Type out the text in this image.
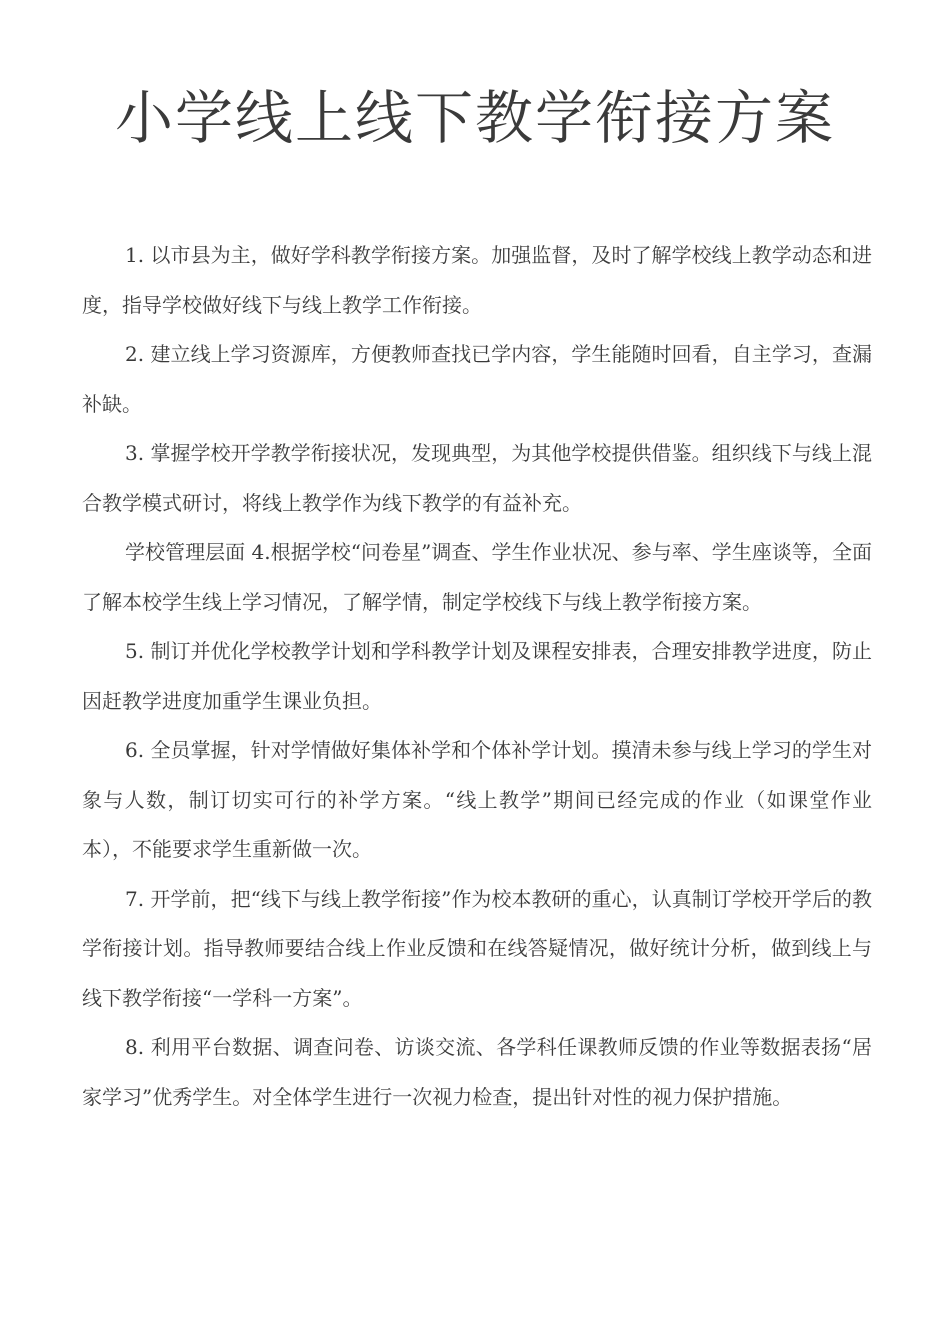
小学线上线下教学衔接方案

1. 以市县为主，做好学科教学衔接方案。加强监督，及时了解学校线上教学动态和进度，指导学校做好线下与线上教学工作衔接。

2. 建立线上学习资源库，方便教师查找已学内容，学生能随时回看，自主学习，查漏补缺。

3. 掌握学校开学教学衔接状况，发现典型，为其他学校提供借鉴。组织线下与线上混合教学模式研讨，将线上教学作为线下教学的有益补充。

学校管理层面 4.根据学校“问卷星”调查、学生作业状况、参与率、学生座谈等，全面了解本校学生线上学习情况，了解学情，制定学校线下与线上教学衔接方案。

5. 制订并优化学校教学计划和学科教学计划及课程安排表，合理安排教学进度，防止因赶教学进度加重学生课业负担。

6. 全员掌握，针对学情做好集体补学和个体补学计划。摸清未参与线上学习的学生对象与人数，制订切实可行的补学方案。“线上教学”期间已经完成的作业（如课堂作业本），不能要求学生重新做一次。

7. 开学前，把“线下与线上教学衔接”作为校本教研的重心，认真制订学校开学后的教学衔接计划。指导教师要结合线上作业反馈和在线答疑情况，做好统计分析，做到线上与线下教学衔接“一学科一方案”。

8. 利用平台数据、调查问卷、访谈交流、各学科任课教师反馈的作业等数据表扬“居家学习”优秀学生。对全体学生进行一次视力检查，提出针对性的视力保护措施。
